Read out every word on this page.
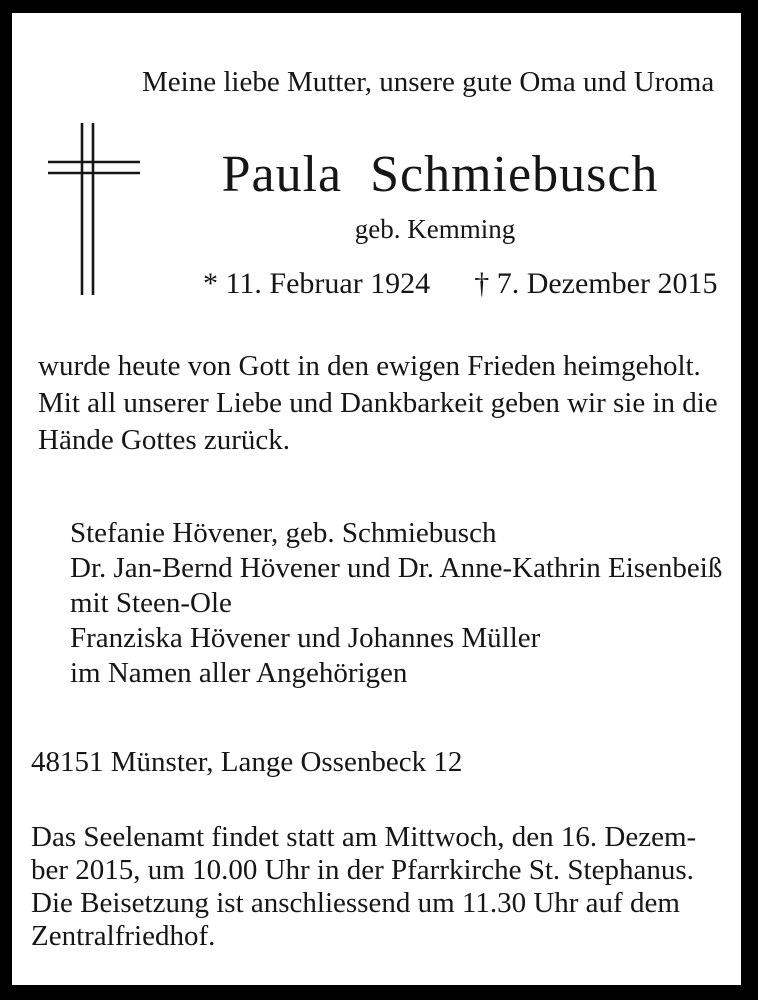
Meine liebe Mutter, unsere gute Oma und Uroma
Paula Schmiebusch
geb. Kemming
* 11. Februar 1924 † 7. Dezember 2015
wurde heute von Gott in den ewigen Frieden heimgeholt.
Mit all unserer Liebe und Dankbarkeit geben wir sie in die
Hände Gottes zurück.
Stefanie Hövener, geb. Schmiebusch
Dr. Jan-Bernd Hövener und Dr. Anne-Kathrin Eisenbeiß
mit Steen-Ole
Franziska Hövener und Johannes Müller
im Namen aller Angehörigen
48151 Münster, Lange Ossenbeck 12
Das Seelenamt findet statt am Mittwoch, den 16. Dezem-
ber 2015, um 10.00 Uhr in der Pfarrkirche St. Stephanus.
Die Beisetzung ist anschliessend um 11.30 Uhr auf dem
Zentralfriedhof.
